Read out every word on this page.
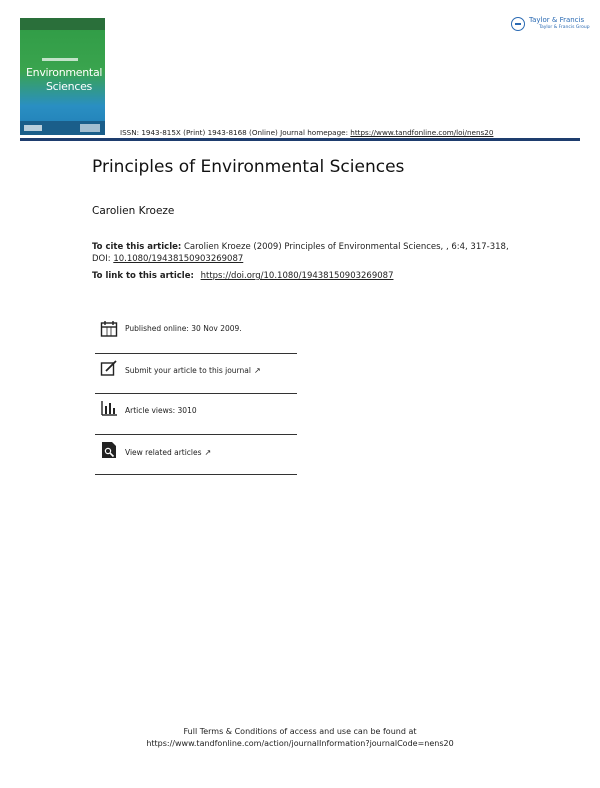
Environmental
Sciences
Taylor & Francis
Taylor & Francis Group
ISSN: 1943-815X (Print) 1943-8168 (Online) Journal homepage: https://www.tandfonline.com/loi/nens20
Principles of Environmental Sciences
Carolien Kroeze
To cite this article: Carolien Kroeze (2009) Principles of Environmental Sciences, , 6:4, 317-318,
DOI: 10.1080/19438150903269087
To link to this article: https://doi.org/10.1080/19438150903269087
Published online: 30 Nov 2009.
Submit your article to this journal ↗
Article views: 3010
View related articles ↗
Full Terms & Conditions of access and use can be found at
https://www.tandfonline.com/action/journalInformation?journalCode=nens20
